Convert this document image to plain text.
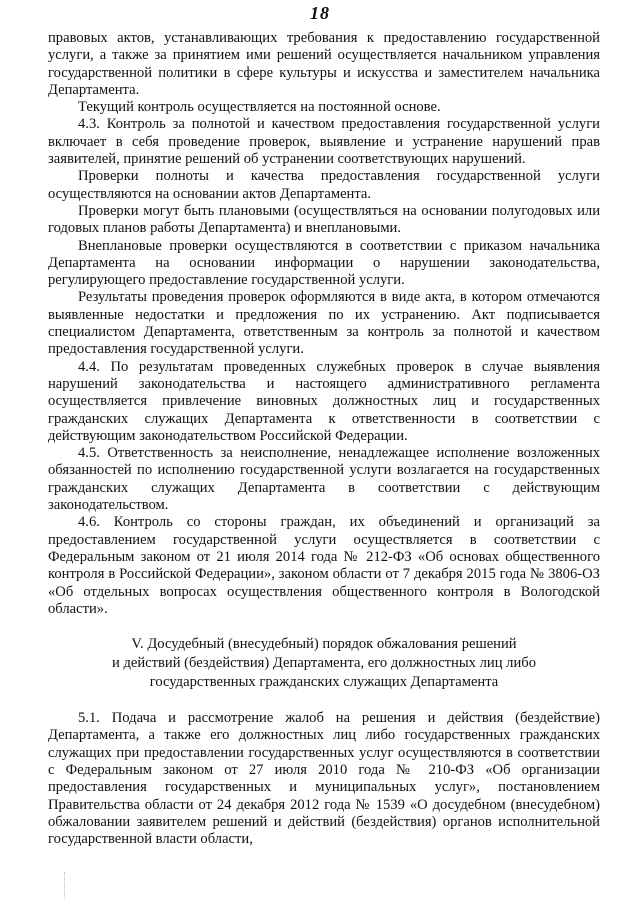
18

правовых актов, устанавливающих требования к предоставлению государственной услуги, а также за принятием ими решений осуществляется начальником управления государственной политики в сфере культуры и искусства и заместителем начальника Департамента.

Текущий контроль осуществляется на постоянной основе.

4.3. Контроль за полнотой и качеством предоставления государственной услуги включает в себя проведение проверок, выявление и устранение нарушений прав заявителей, принятие решений об устранении соответствующих нарушений.

Проверки полноты и качества предоставления государственной услуги осуществляются на основании актов Департамента.

Проверки могут быть плановыми (осуществляться на основании полугодовых или годовых планов работы Департамента) и внеплановыми.

Внеплановые проверки осуществляются в соответствии с приказом начальника Департамента на основании информации о нарушении законодательства, регулирующего предоставление государственной услуги.

Результаты проведения проверок оформляются в виде акта, в котором отмечаются выявленные недостатки и предложения по их устранению. Акт подписывается специалистом Департамента, ответственным за контроль за полнотой и качеством предоставления государственной услуги.

4.4. По результатам проведенных служебных проверок в случае выявления нарушений законодательства и настоящего административного регламента осуществляется привлечение виновных должностных лиц и государственных гражданских служащих Департамента к ответственности в соответствии с действующим законодательством Российской Федерации.

4.5. Ответственность за неисполнение, ненадлежащее исполнение возложенных обязанностей по исполнению государственной услуги возлагается на государственных гражданских служащих Департамента в соответствии с действующим законодательством.

4.6. Контроль со стороны граждан, их объединений и организаций за предоставлением государственной услуги осуществляется в соответствии с Федеральным законом от 21 июля 2014 года № 212-ФЗ «Об основах общественного контроля в Российской Федерации», законом области от 7 декабря 2015 года № 3806-ОЗ «Об отдельных вопросах осуществления общественного контроля в Вологодской области».

V. Досудебный (внесудебный) порядок обжалования решений
и действий (бездействия) Департамента, его должностных лиц либо
государственных гражданских служащих Департамента

5.1. Подача и рассмотрение жалоб на решения и действия (бездействие) Департамента, а также его должностных лиц либо государственных гражданских служащих при предоставлении государственных услуг осуществляются в соответствии с Федеральным законом от 27 июля 2010 года № 210-ФЗ «Об организации предоставления государственных и муниципальных услуг», постановлением Правительства области от 24 декабря 2012 года № 1539 «О досудебном (внесудебном) обжаловании заявителем решений и действий (бездействия) органов исполнительной государственной власти области,
